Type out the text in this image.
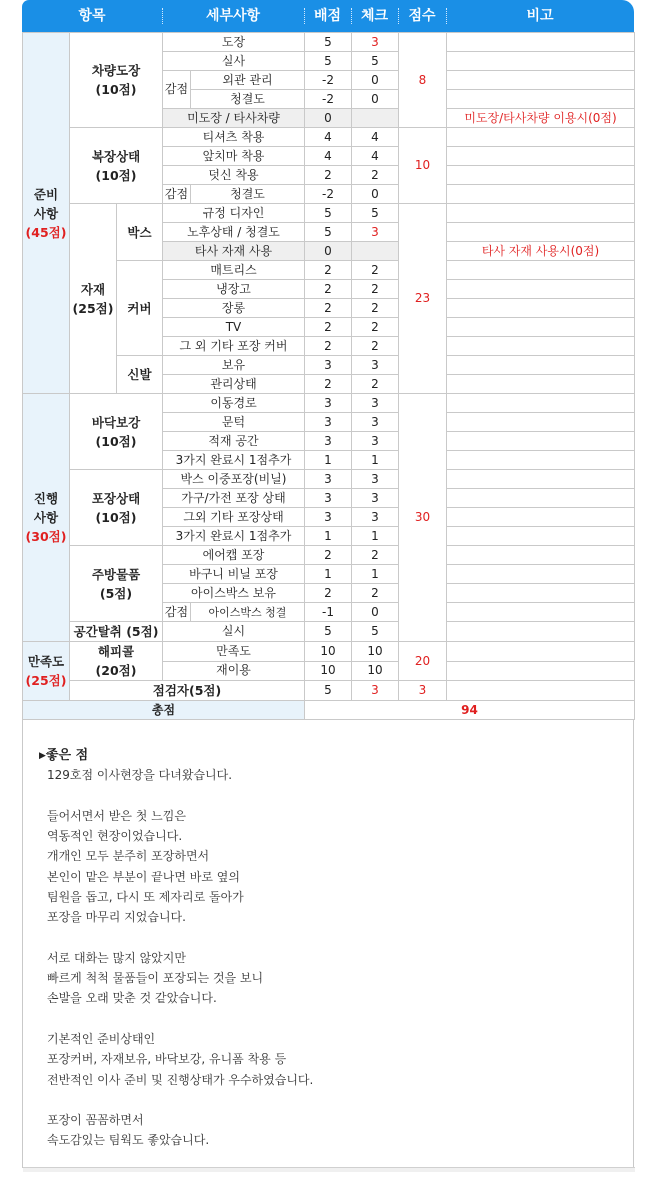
항목	세부사항	배점	체크	점수	비고
준비
사항
(45점)	차량도장
(10점)		도장		5	3	8	
			실사		5	5		
			감점	외관 관리	-2	0		
				청결도	-2	0		
			미도장 / 타사차량		0			미도장/타사차량 이용시(0점)
	복장상태
(10점)		티셔츠 착용		4	4	10	
			앞치마 착용		4	4		
			덧신 착용		2	2		
			감점	청결도	-2	0		
	자재
(25점)	박스	규정 디자인		5	5	23	
			노후상태 / 청결도		5	3		
			타사 자재 사용		0			타사 자재 사용시(0점)
		커버	매트리스		2	2		
			냉장고		2	2		
			장롱		2	2		
			TV		2	2		
			그 외 기타 포장 커버		2	2		
		신발	보유		3	3		
			관리상태		2	2		
진행
사항
(30점)	바닥보강
(10점)		이동경로		3	3	30	
			문턱		3	3		
			적재 공간		3	3		
			3가지 완료시 1점추가		1	1		
	포장상태
(10점)		박스 이중포장(비닐)		3	3		
			가구/가전 포장 상태		3	3		
			그외 기타 포장상태		3	3		
			3가지 완료시 1점추가		1	1		
	주방물품
(5점)		에어캡 포장		2	2		
			바구니 비닐 포장		1	1		
			아이스박스 보유		2	2		
			감점	아이스박스 청결	-1	0		
	공간탈취 (5점)		실시		5	5		
만족도
(25점)	해피콜
(20점)		만족도		10	10	20	
			재이용		10	10		
	점검자(5점)				5	3	3	
총점					94			
▶좋은 점
129호점 이사현장을 다녀왔습니다.
들어서면서 받은 첫 느낌은
역동적인 현장이었습니다.
개개인 모두 분주히 포장하면서
본인이 맡은 부분이 끝나면 바로 옆의
팀원을 돕고, 다시 또 제자리로 돌아가
포장을 마무리 지었습니다.
서로 대화는 많지 않았지만
빠르게 척척 물품들이 포장되는 것을 보니
손발을 오래 맞춘 것 같았습니다.
기본적인 준비상태인
포장커버, 자재보유, 바닥보강, 유니폼 착용 등
전반적인 이사 준비 및 진행상태가 우수하였습니다.
포장이 꼼꼼하면서
속도감있는 팀웍도 좋았습니다.
